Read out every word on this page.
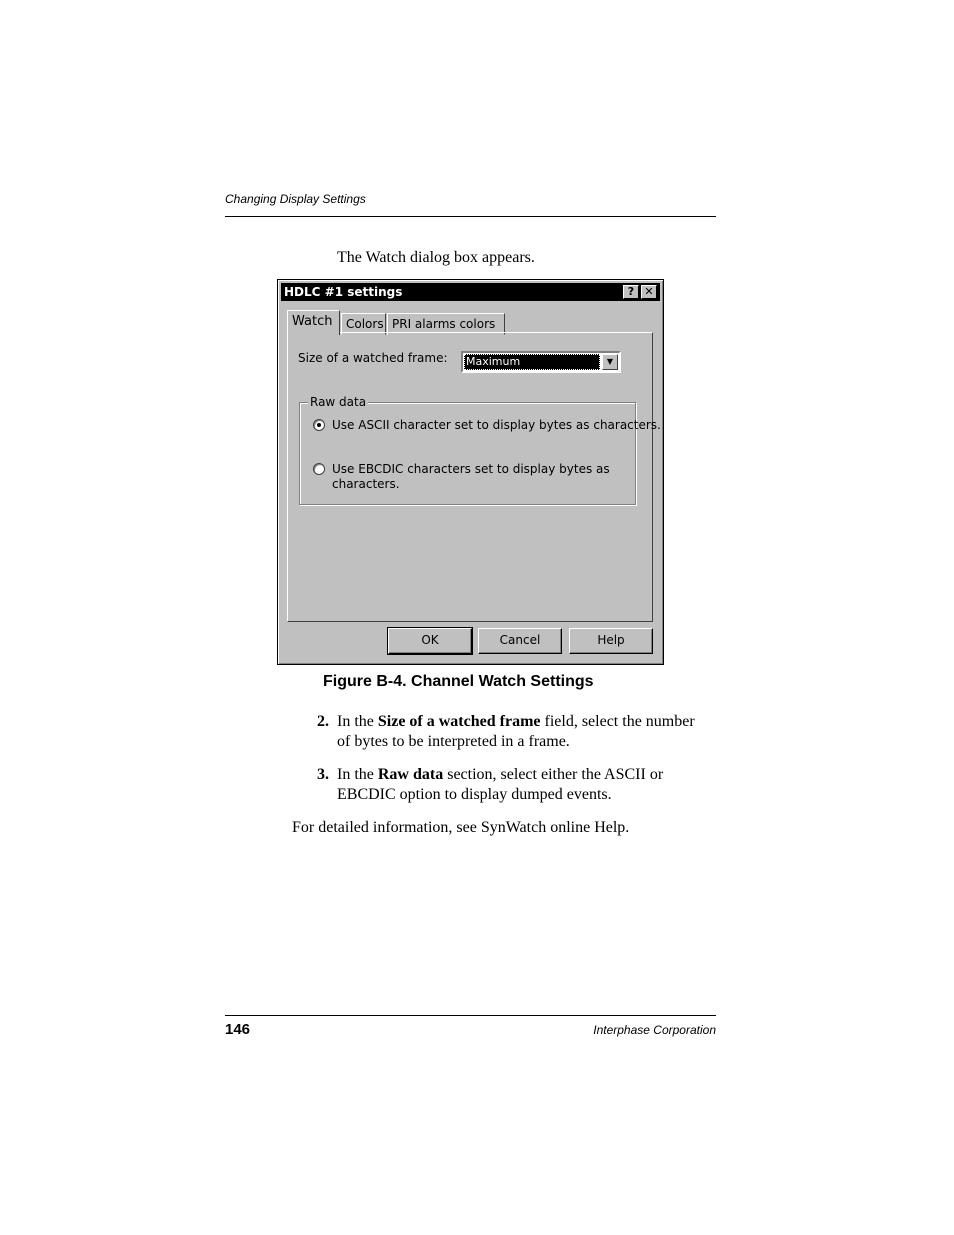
Changing Display Settings
The Watch dialog box appears.
HDLC #1 settings	? ✕
Watch	Colors PRI alarms colors
Size of a watched frame: Maximum	▼
Raw data
Use ASCII character set to display bytes as characters.
Use EBCDIC characters set to display bytes as
characters.
OK	Cancel	Help
Figure B-4. Channel Watch Settings
2. In the Size of a watched frame field, select the number
of bytes to be interpreted in a frame.
3. In the Raw data section, select either the ASCII or
EBCDIC option to display dumped events.
For detailed information, see SynWatch online Help.
146	Interphase Corporation
